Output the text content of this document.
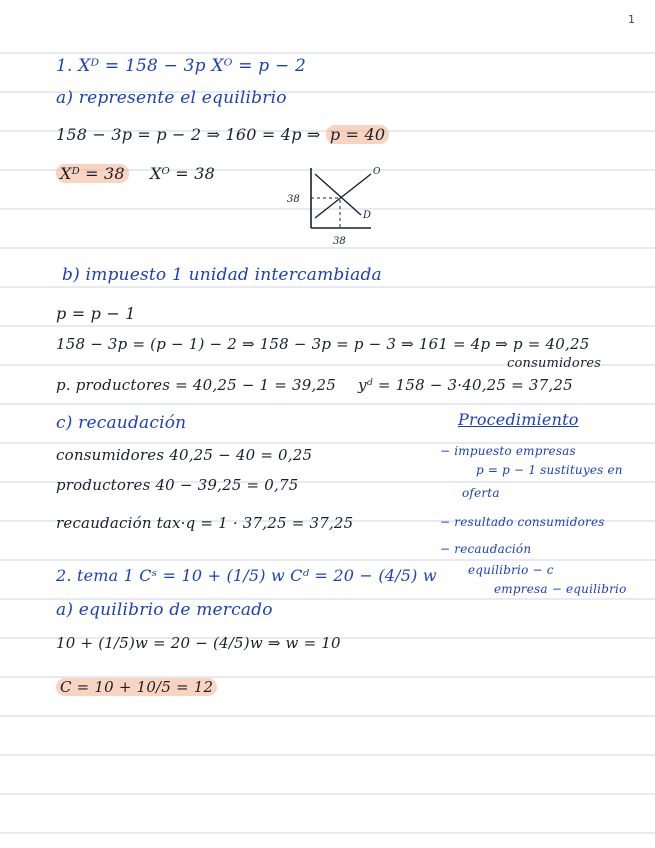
1
1. Xᴰ = 158 − 3p Xᴼ = p − 2
a) represente el equilibrio
158 − 3p = p − 2 ⇒ 160 = 4p ⇒ p = 40
Xᴰ = 38 Xᴼ = 38
38
38
O
D
b) impuesto 1 unidad intercambiada
p = p − 1
158 − 3p = (p − 1) − 2 ⇒ 158 − 3p = p − 3 ⇒ 161 = 4p ⇒ p = 40,25
consumidores
p. productores = 40,25 − 1 = 39,25 yᵈ = 158 − 3·40,25 = 37,25
c) recaudación
consumidores 40,25 − 40 = 0,25
productores 40 − 39,25 = 0,75
recaudación tax·q = 1 · 37,25 = 37,25
Procedimiento
− impuesto empresas
p = p − 1 sustituyes en
oferta
− resultado consumidores
− recaudación
equilibrio − c
empresa − equilibrio
2. tema 1 Cˢ = 10 + (1/5) w Cᵈ = 20 − (4/5) w
a) equilibrio de mercado
10 + (1/5)w = 20 − (4/5)w ⇒ w = 10
C = 10 + 10/5 = 12
